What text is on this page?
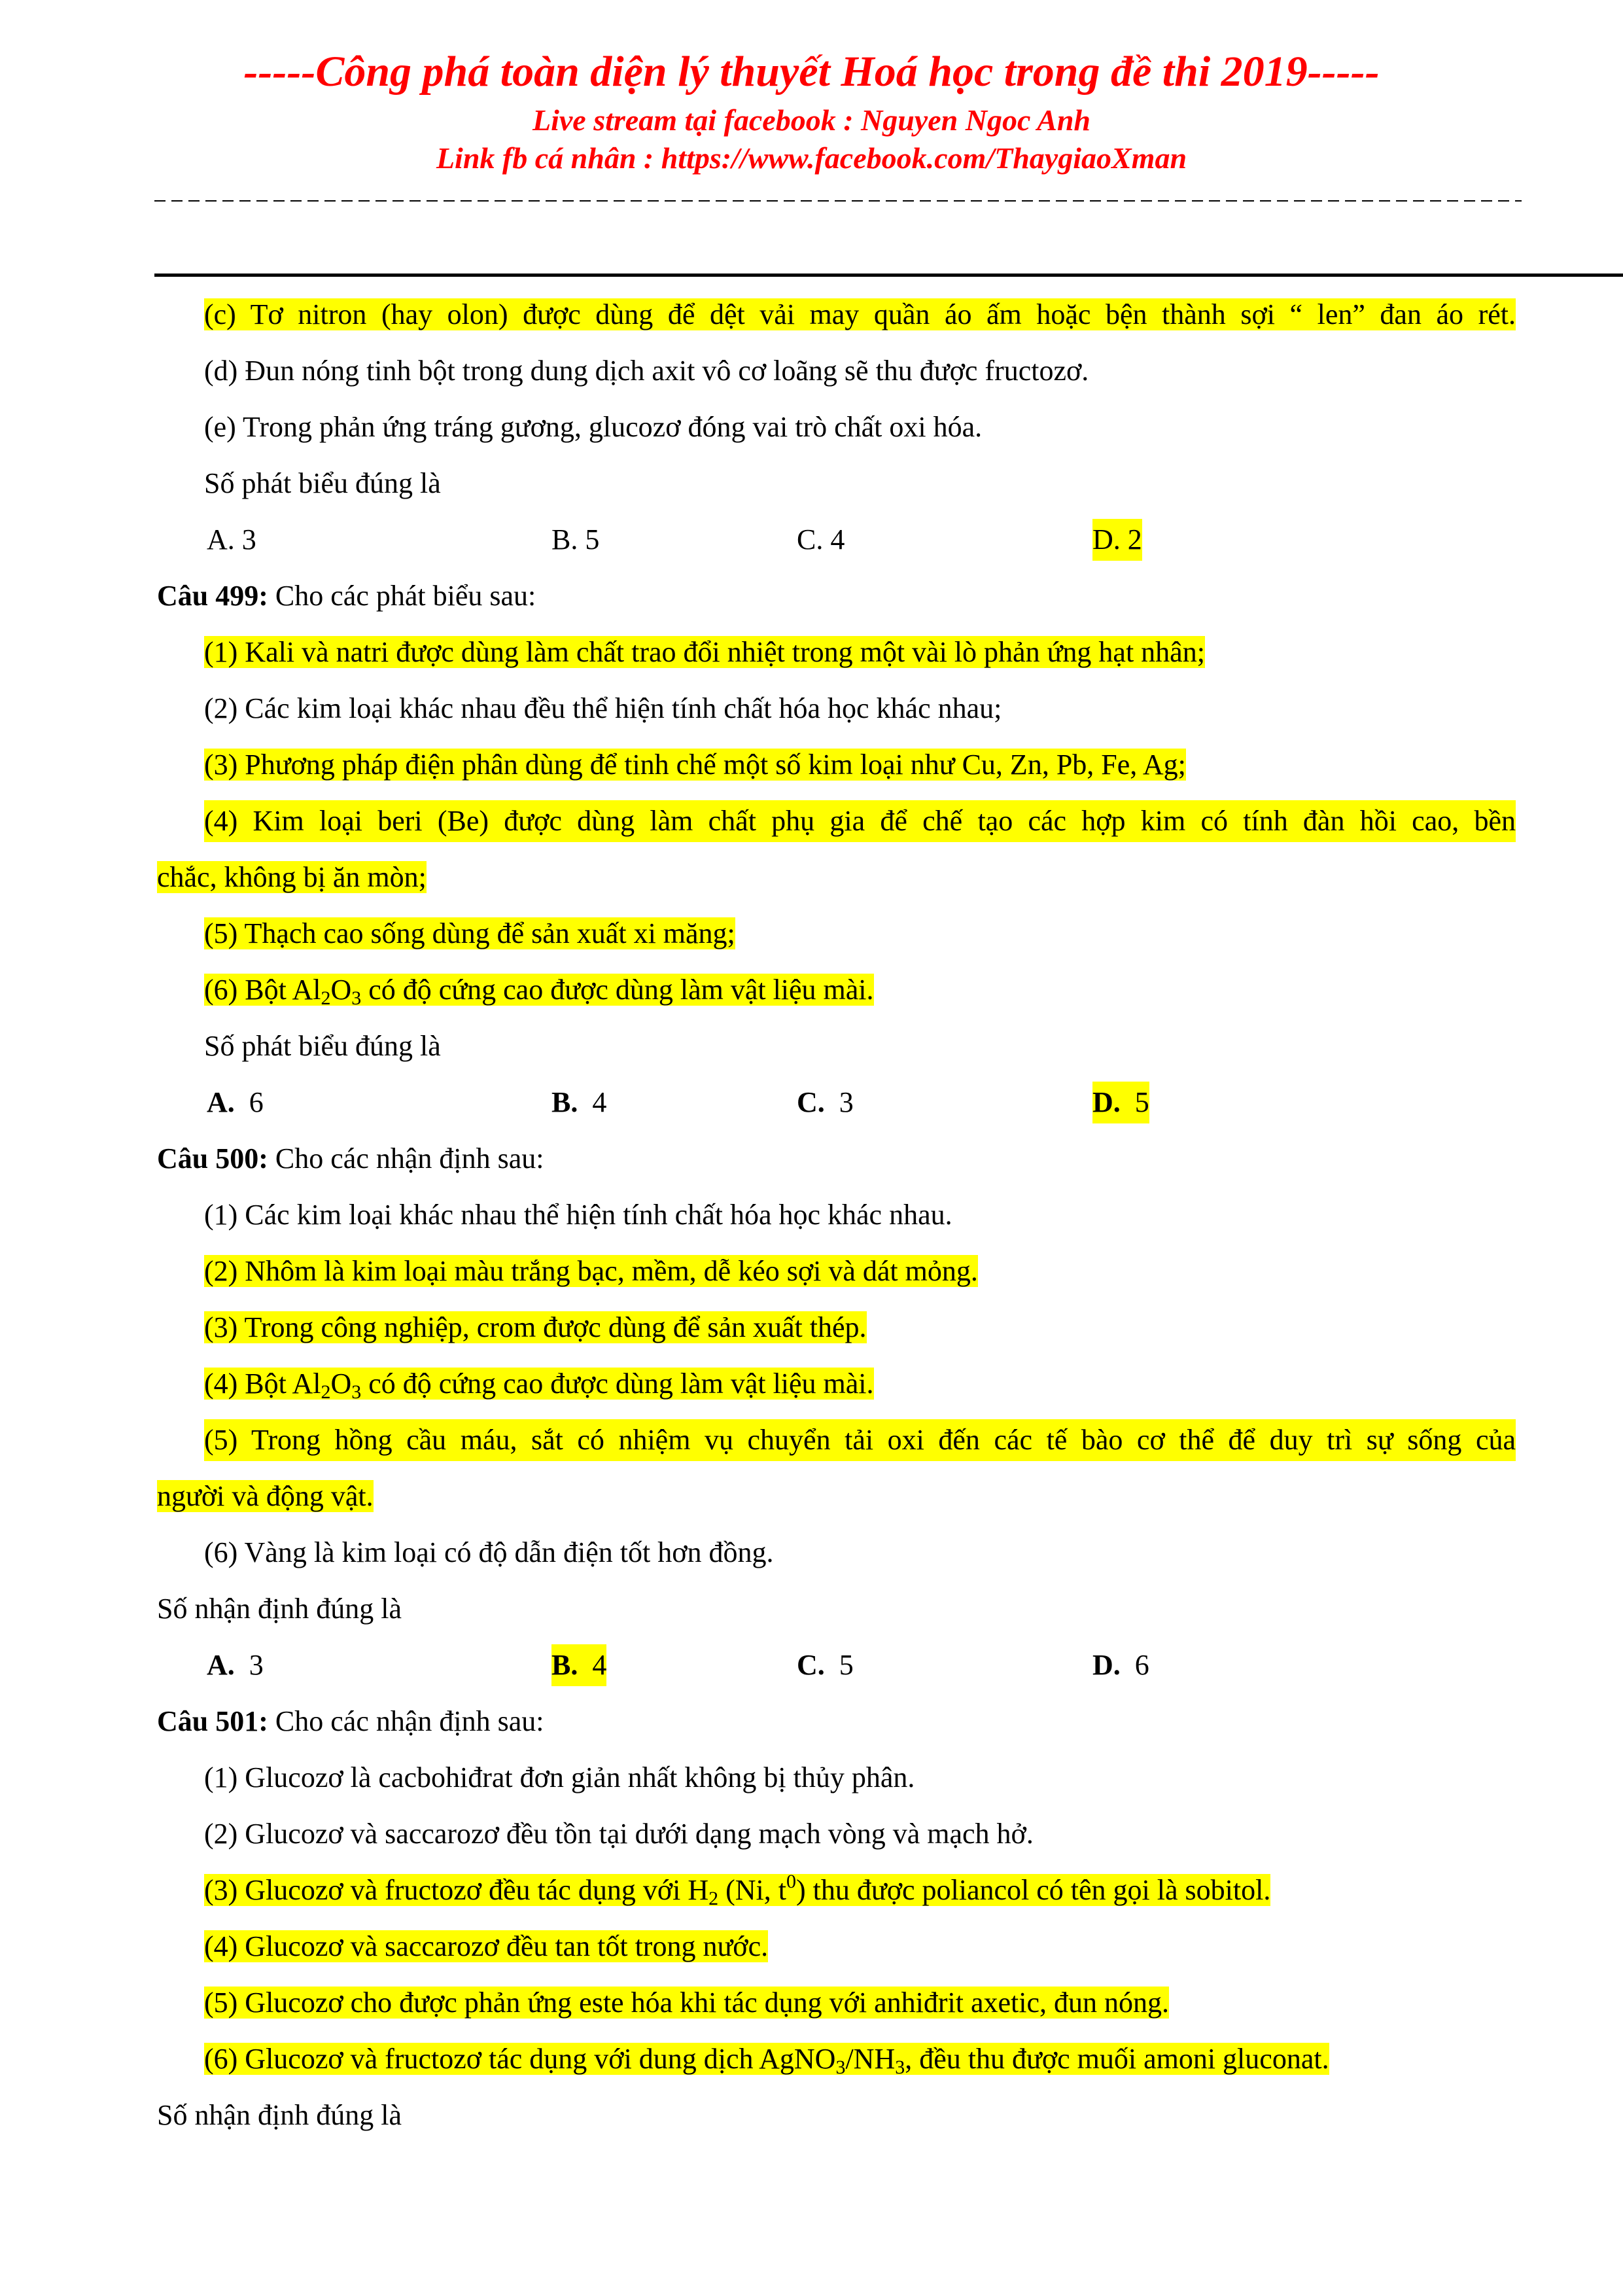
-----Công phá toàn diện lý thuyết Hoá học trong đề thi 2019-----
Live stream tại facebook : Nguyen Ngoc Anh
Link fb cá nhân : https://www.facebook.com/ThaygiaoXman
(c) Tơ nitron (hay olon) được dùng để dệt vải may quần áo ấm hoặc bện thành sợi “ len” đan áo rét.
(d) Đun nóng tinh bột trong dung dịch axit vô cơ loãng sẽ thu được fructozơ.
(e) Trong phản ứng tráng gương, glucozơ đóng vai trò chất oxi hóa.
Số phát biểu đúng là
A. 3	B. 5	C. 4	D. 2
Câu 499: Cho các phát biểu sau:
(1) Kali và natri được dùng làm chất trao đổi nhiệt trong một vài lò phản ứng hạt nhân;
(2) Các kim loại khác nhau đều thể hiện tính chất hóa học khác nhau;
(3) Phương pháp điện phân dùng để tinh chế một số kim loại như Cu, Zn, Pb, Fe, Ag;
(4) Kim loại beri (Be) được dùng làm chất phụ gia để chế tạo các hợp kim có tính đàn hồi cao, bền
chắc, không bị ăn mòn;
(5) Thạch cao sống dùng để sản xuất xi măng;
(6) Bột $Al_2O_3$ có độ cứng cao được dùng làm vật liệu mài.
Số phát biểu đúng là
A. 6	B. 4	C. 3	D. 5
Câu 500: Cho các nhận định sau:
(1) Các kim loại khác nhau thể hiện tính chất hóa học khác nhau.
(2) Nhôm là kim loại màu trắng bạc, mềm, dễ kéo sợi và dát mỏng.
(3) Trong công nghiệp, crom được dùng để sản xuất thép.
(4) Bột $Al_2O_3$ có độ cứng cao được dùng làm vật liệu mài.
(5) Trong hồng cầu máu, sắt có nhiệm vụ chuyển tải oxi đến các tế bào cơ thể để duy trì sự sống của
người và động vật.
(6) Vàng là kim loại có độ dẫn điện tốt hơn đồng.
Số nhận định đúng là
A. 3	B. 4	C. 5	D. 6
Câu 501: Cho các nhận định sau:
(1) Glucozơ là cacbohiđrat đơn giản nhất không bị thủy phân.
(2) Glucozơ và saccarozơ đều tồn tại dưới dạng mạch vòng và mạch hở.
(3) Glucozơ và fructozơ đều tác dụng với $H_2$ (Ni, $t^0$) thu được poliancol có tên gọi là sobitol.
(4) Glucozơ và saccarozơ đều tan tốt trong nước.
(5) Glucozơ cho được phản ứng este hóa khi tác dụng với anhiđrit axetic, đun nóng.
(6) Glucozơ và fructozơ tác dụng với dung dịch $AgNO_3/NH_3$, đều thu được muối amoni gluconat.
Số nhận định đúng là
